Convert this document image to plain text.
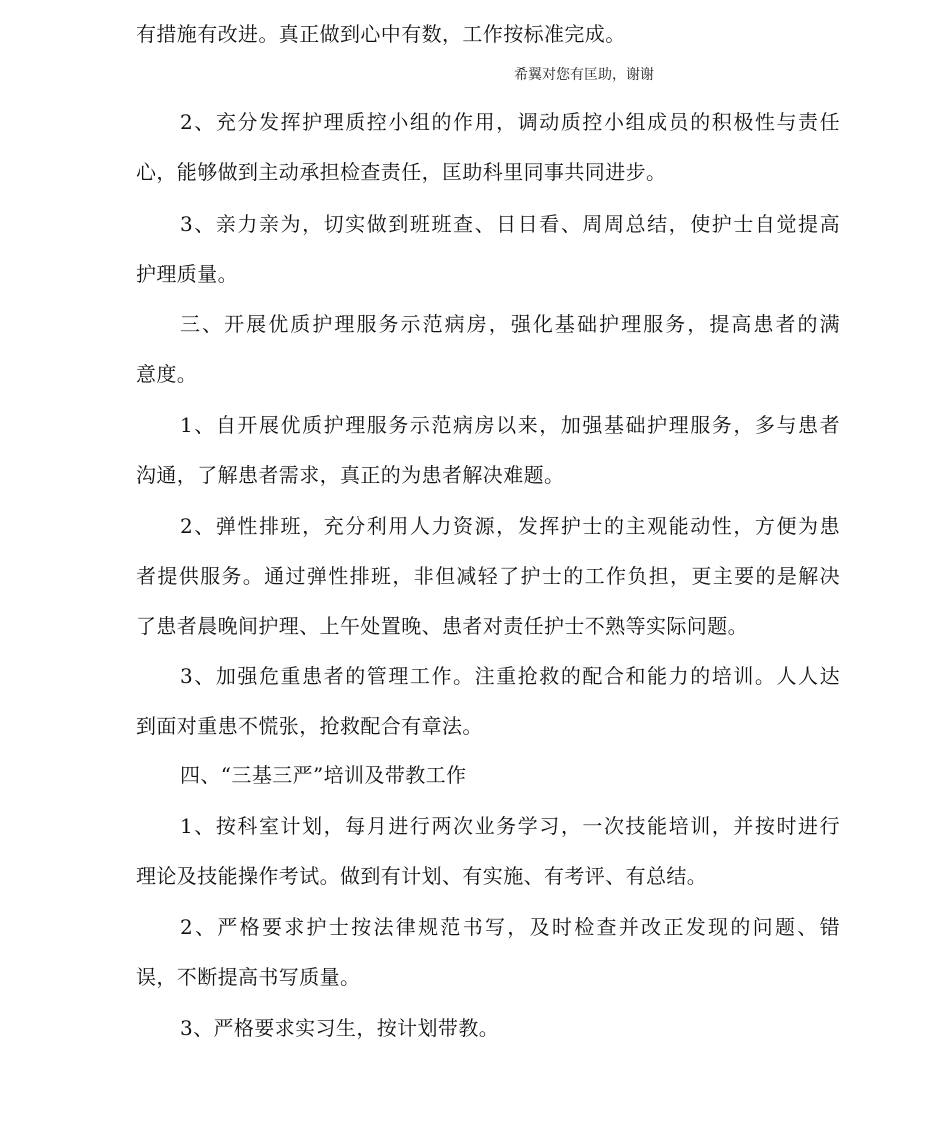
有措施有改进。真正做到心中有数，工作按标准完成。
希翼对您有匡助，谢谢
2、充分发挥护理质控小组的作用，调动质控小组成员的积极性与责任
心，能够做到主动承担检查责任，匡助科里同事共同进步。
3、亲力亲为，切实做到班班查、日日看、周周总结，使护士自觉提高
护理质量。
三、开展优质护理服务示范病房，强化基础护理服务，提高患者的满
意度。
1、自开展优质护理服务示范病房以来，加强基础护理服务，多与患者
沟通，了解患者需求，真正的为患者解决难题。
2、弹性排班，充分利用人力资源，发挥护士的主观能动性，方便为患
者提供服务。通过弹性排班，非但减轻了护士的工作负担，更主要的是解决
了患者晨晚间护理、上午处置晚、患者对责任护士不熟等实际问题。
3、加强危重患者的管理工作。注重抢救的配合和能力的培训。人人达
到面对重患不慌张，抢救配合有章法。
四、“三基三严”培训及带教工作
1、按科室计划，每月进行两次业务学习，一次技能培训，并按时进行
理论及技能操作考试。做到有计划、有实施、有考评、有总结。
2、严格要求护士按法律规范书写，及时检查并改正发现的问题、错
误，不断提高书写质量。
3、严格要求实习生，按计划带教。
